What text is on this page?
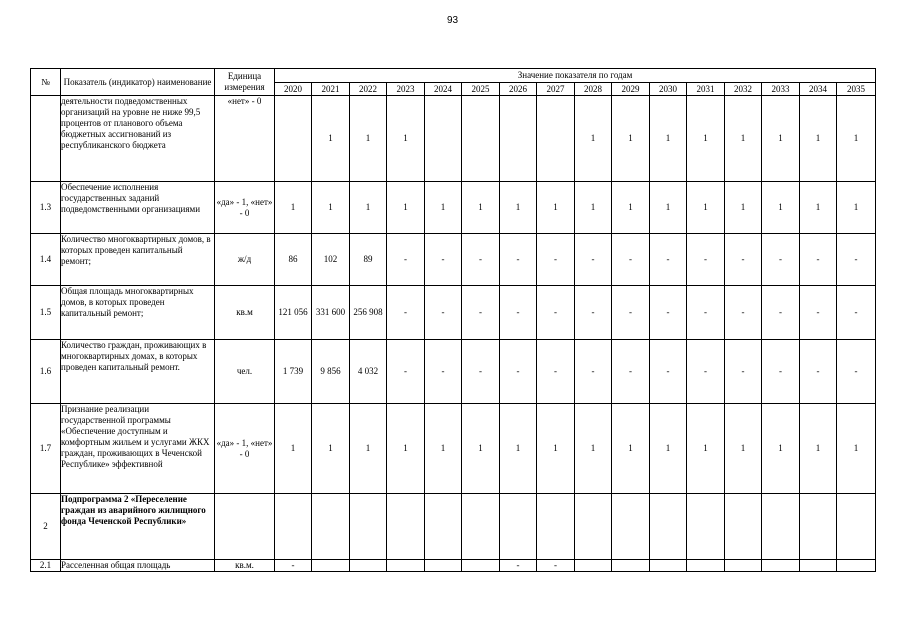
93
№	Показатель (индикатор) наименование	Единица измерения	Значение показателя по годам															
			2020	2021	2022	2023	2024	2025	2026	2027	2028	2029	2030	2031	2032	2033	2034	2035
	деятельности подведомственных организаций на уровне не ниже 99,5 процентов от планового объема бюджетных ассигнований из республиканского бюджета	«нет» - 0		1	1	1					1	1	1	1	1	1	1	1
1.3	Обеспечение исполнения государственных заданий подведомственными организациями	«да» - 1, «нет» - 0	1	1	1	1	1	1	1	1	1	1	1	1	1	1	1	1
1.4	Количество многоквартирных домов, в которых проведен капитальный ремонт;	ж/д	86	102	89	-	-	-	-	-	-	-	-	-	-	-	-	-
1.5	Общая площадь многоквартирных домов, в которых проведен капитальный ремонт;	кв.м	121 056	331 600	256 908	-	-	-	-	-	-	-	-	-	-	-	-	-
1.6	Количество граждан, проживающих в многоквартирных домах, в которых проведен капитальный ремонт.	чел.	1 739	9 856	4 032	-	-	-	-	-	-	-	-	-	-	-	-	-
1.7	Признание реализации государственной программы «Обеспечение доступным и комфортным жильем и услугами ЖКХ граждан, проживающих в Чеченской Республике» эффективной	«да» - 1, «нет» - 0	1	1	1	1	1	1	1	1	1	1	1	1	1	1	1	1
2	Подпрограмма 2 «Переселение граждан из аварийного жилищного фонда Чеченской Республики»																	
2.1	Расселенная общая площадь	кв.м.	-						-	-								
